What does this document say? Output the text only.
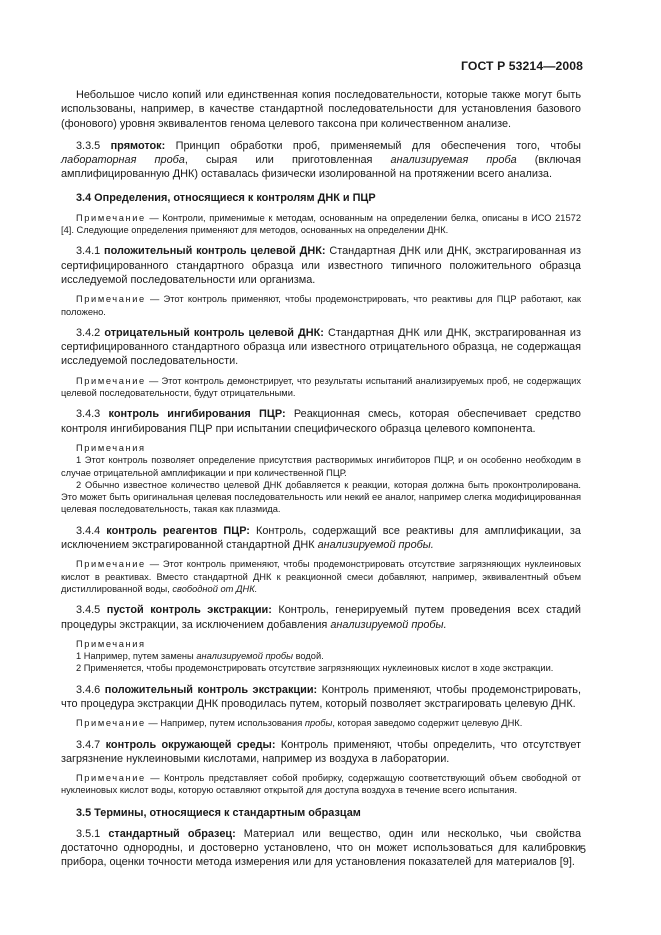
ГОСТ Р 53214—2008

Небольшое число копий или единственная копия последовательности, которые также могут быть использованы, например, в качестве стандартной последовательности для установления базового (фонового) уровня эквивалентов генома целевого таксона при количественном анализе.

3.3.5 прямоток: Принцип обработки проб, применяемый для обеспечения того, чтобы лабораторная проба, сырая или приготовленная анализируемая проба (включая амплифицированную ДНК) оставалась физически изолированной на протяжении всего анализа.

3.4 Определения, относящиеся к контролям ДНК и ПЦР

Примечание — Контроли, применимые к методам, основанным на определении белка, описаны в ИСО 21572 [4]. Следующие определения применяют для методов, основанных на определении ДНК.

3.4.1 положительный контроль целевой ДНК: Стандартная ДНК или ДНК, экстрагированная из сертифицированного стандартного образца или известного типичного положительного образца исследуемой последовательности или организма.

Примечание — Этот контроль применяют, чтобы продемонстрировать, что реактивы для ПЦР работают, как положено.

3.4.2 отрицательный контроль целевой ДНК: Стандартная ДНК или ДНК, экстрагированная из сертифицированного стандартного образца или известного отрицательного образца, не содержащая исследуемой последовательности.

Примечание — Этот контроль демонстрирует, что результаты испытаний анализируемых проб, не содержащих целевой последовательности, будут отрицательными.

3.4.3 контроль ингибирования ПЦР: Реакционная смесь, которая обеспечивает средство контроля ингибирования ПЦР при испытании специфического образца целевого компонента.

Примечания

1 Этот контроль позволяет определение присутствия растворимых ингибиторов ПЦР, и он особенно необходим в случае отрицательной амплификации и при количественной ПЦР.

2 Обычно известное количество целевой ДНК добавляется к реакции, которая должна быть проконтролирована. Это может быть оригинальная целевая последовательность или некий ее аналог, например слегка модифицированная целевая последовательность, такая как плазмида.

3.4.4 контроль реагентов ПЦР: Контроль, содержащий все реактивы для амплификации, за исключением экстрагированной стандартной ДНК анализируемой пробы.

Примечание — Этот контроль применяют, чтобы продемонстрировать отсутствие загрязняющих нуклеиновых кислот в реактивах. Вместо стандартной ДНК к реакционной смеси добавляют, например, эквивалентный объем дистиллированной воды, свободной от ДНК.

3.4.5 пустой контроль экстракции: Контроль, генерируемый путем проведения всех стадий процедуры экстракции, за исключением добавления анализируемой пробы.

Примечания

1 Например, путем замены анализируемой пробы водой.

2 Применяется, чтобы продемонстрировать отсутствие загрязняющих нуклеиновых кислот в ходе экстракции.

3.4.6 положительный контроль экстракции: Контроль применяют, чтобы продемонстрировать, что процедура экстракции ДНК проводилась путем, который позволяет экстрагировать целевую ДНК.

Примечание — Например, путем использования пробы, которая заведомо содержит целевую ДНК.

3.4.7 контроль окружающей среды: Контроль применяют, чтобы определить, что отсутствует загрязнение нуклеиновыми кислотами, например из воздуха в лаборатории.

Примечание — Контроль представляет собой пробирку, содержащую соответствующий объем свободной от нуклеиновых кислот воды, которую оставляют открытой для доступа воздуха в течение всего испытания.

3.5 Термины, относящиеся к стандартным образцам

3.5.1 стандартный образец: Материал или вещество, один или несколько, чьи свойства достаточно однородны, и достоверно установлено, что он может использоваться для калибровки прибора, оценки точности метода измерения или для установления показателей для материалов [9].

5
